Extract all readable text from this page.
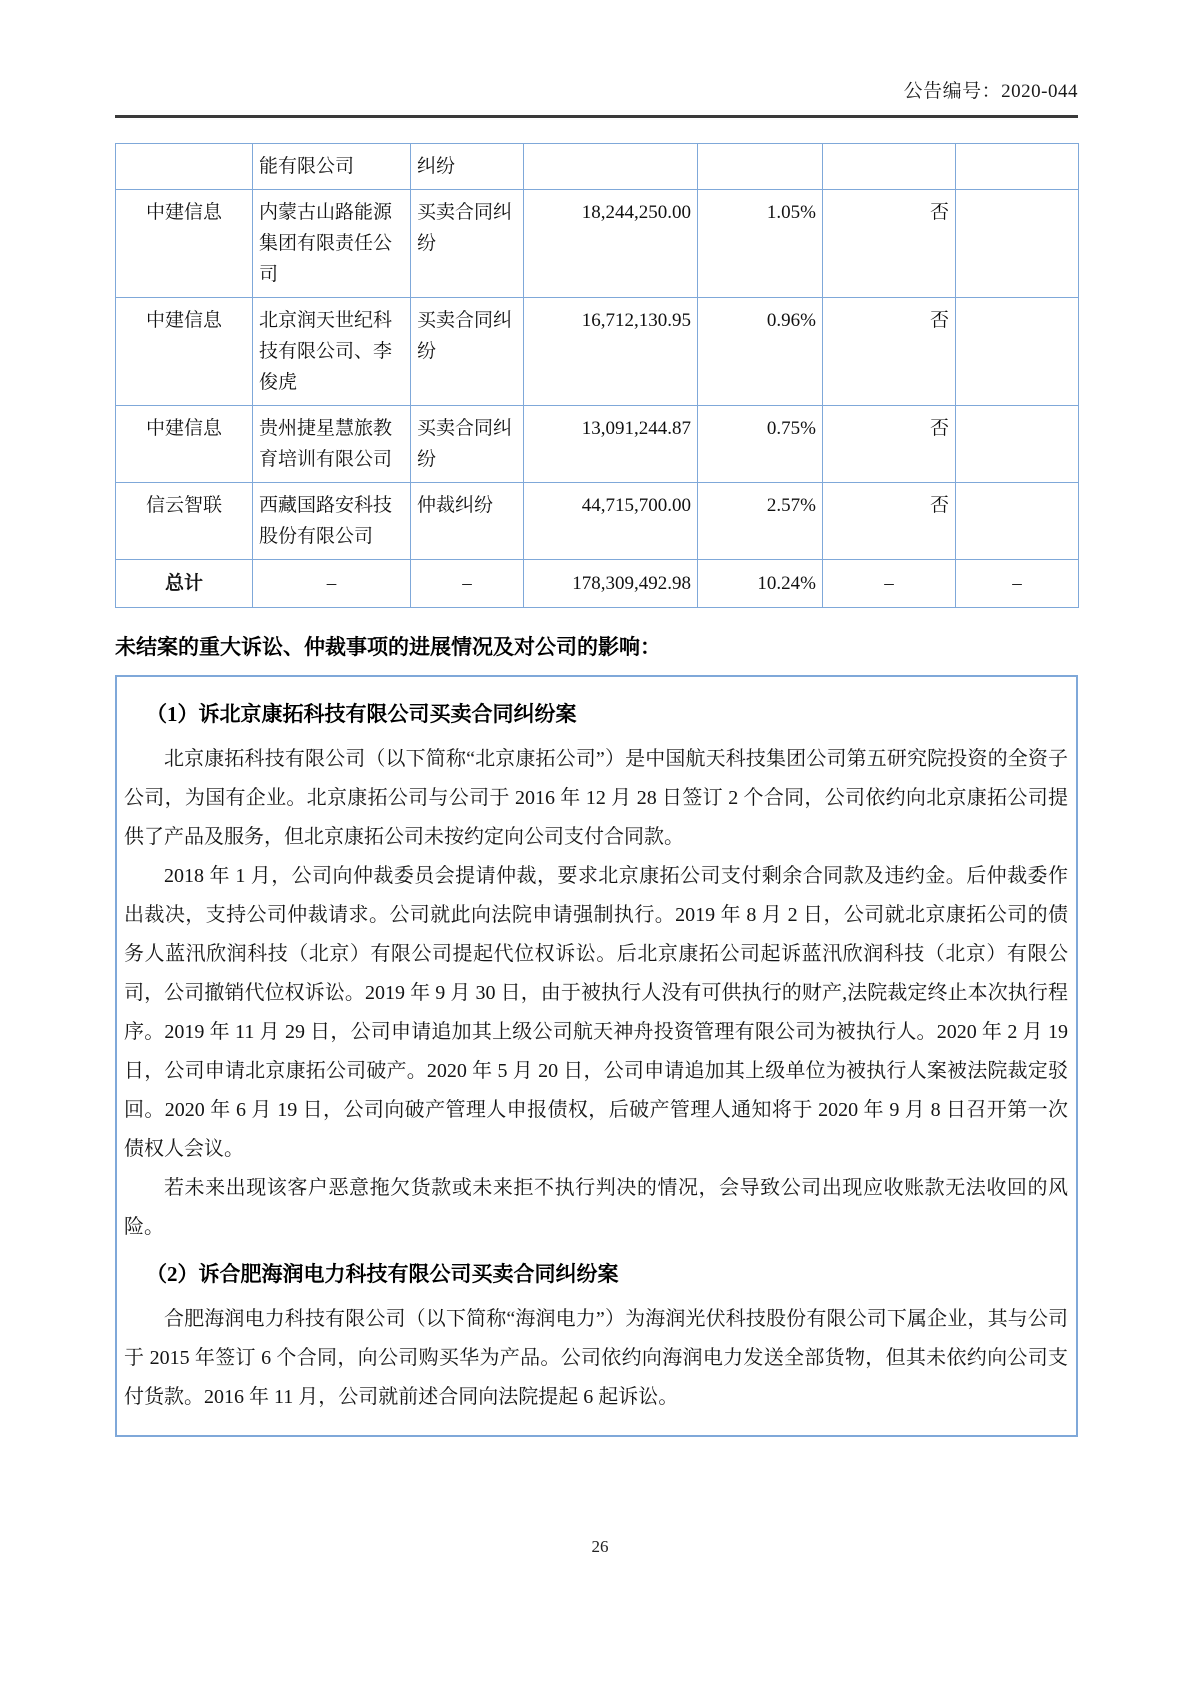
公告编号：2020-044
	能有限公司	纠纷				
中建信息	内蒙古山路能源集团有限责任公司	买卖合同纠纷	18,244,250.00	1.05%	否	
中建信息	北京润天世纪科技有限公司、李俊虎	买卖合同纠纷	16,712,130.95	0.96%	否	
中建信息	贵州捷星慧旅教育培训有限公司	买卖合同纠纷	13,091,244.87	0.75%	否	
信云智联	西藏国路安科技股份有限公司	仲裁纠纷	44,715,700.00	2.57%	否	
总计	–	–	178,309,492.98	10.24%	–	–
未结案的重大诉讼、仲裁事项的进展情况及对公司的影响：
（1）诉北京康拓科技有限公司买卖合同纠纷案

北京康拓科技有限公司（以下简称“北京康拓公司”）是中国航天科技集团公司第五研究院投资的全资子公司，为国有企业。北京康拓公司与公司于 2016 年 12 月 28 日签订 2 个合同，公司依约向北京康拓公司提供了产品及服务，但北京康拓公司未按约定向公司支付合同款。

2018 年 1 月，公司向仲裁委员会提请仲裁，要求北京康拓公司支付剩余合同款及违约金。后仲裁委作出裁决，支持公司仲裁请求。公司就此向法院申请强制执行。2019 年 8 月 2 日，公司就北京康拓公司的债务人蓝汛欣润科技（北京）有限公司提起代位权诉讼。后北京康拓公司起诉蓝汛欣润科技（北京）有限公司，公司撤销代位权诉讼。2019 年 9 月 30 日，由于被执行人没有可供执行的财产,法院裁定终止本次执行程序。2019 年 11 月 29 日，公司申请追加其上级公司航天神舟投资管理有限公司为被执行人。2020 年 2 月 19 日，公司申请北京康拓公司破产。2020 年 5 月 20 日，公司申请追加其上级单位为被执行人案被法院裁定驳回。2020 年 6 月 19 日，公司向破产管理人申报债权，后破产管理人通知将于 2020 年 9 月 8 日召开第一次债权人会议。

若未来出现该客户恶意拖欠货款或未来拒不执行判决的情况，会导致公司出现应收账款无法收回的风险。

（2）诉合肥海润电力科技有限公司买卖合同纠纷案

合肥海润电力科技有限公司（以下简称“海润电力”）为海润光伏科技股份有限公司下属企业，其与公司于 2015 年签订 6 个合同，向公司购买华为产品。公司依约向海润电力发送全部货物，但其未依约向公司支付货款。2016 年 11 月，公司就前述合同向法院提起 6 起诉讼。

26
